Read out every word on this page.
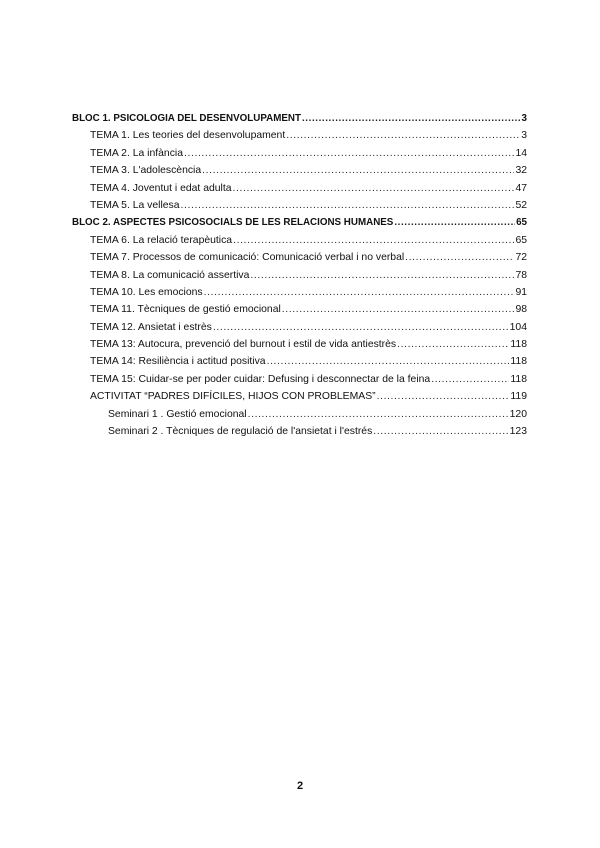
BLOC 1. PSICOLOGIA DEL DESENVOLUPAMENT .....	3
TEMA 1. Les teories del desenvolupament .....	3
TEMA 2. La infància .....	14
TEMA 3. L'adolescència .....	32
TEMA 4. Joventut i edat adulta .....	47
TEMA 5. La vellesa .....	52
BLOC 2. ASPECTES PSICOSOCIALS DE LES RELACIONS HUMANES .....	65
TEMA 6. La relació terapèutica .....	65
TEMA 7. Processos de comunicació: Comunicació verbal i no verbal .....	72
TEMA 8. La comunicació assertiva .....	78
TEMA 10. Les emocions .....	91
TEMA 11. Tècniques de gestió emocional .....	98
TEMA 12. Ansietat i estrès .....	104
TEMA 13: Autocura, prevenció del burnout i estil de vida antiestrès .....	118
TEMA 14: Resiliència i actitud positiva .....	118
TEMA 15: Cuidar-se per poder cuidar: Defusing i desconnectar de la feina .....	118
ACTIVITAT “PADRES DIFÍCILES, HIJOS CON PROBLEMAS” .....	119
Seminari 1 . Gestió emocional .....	120
Seminari 2 . Tècniques de regulació de l'ansietat i l'estrés .....	123
2
